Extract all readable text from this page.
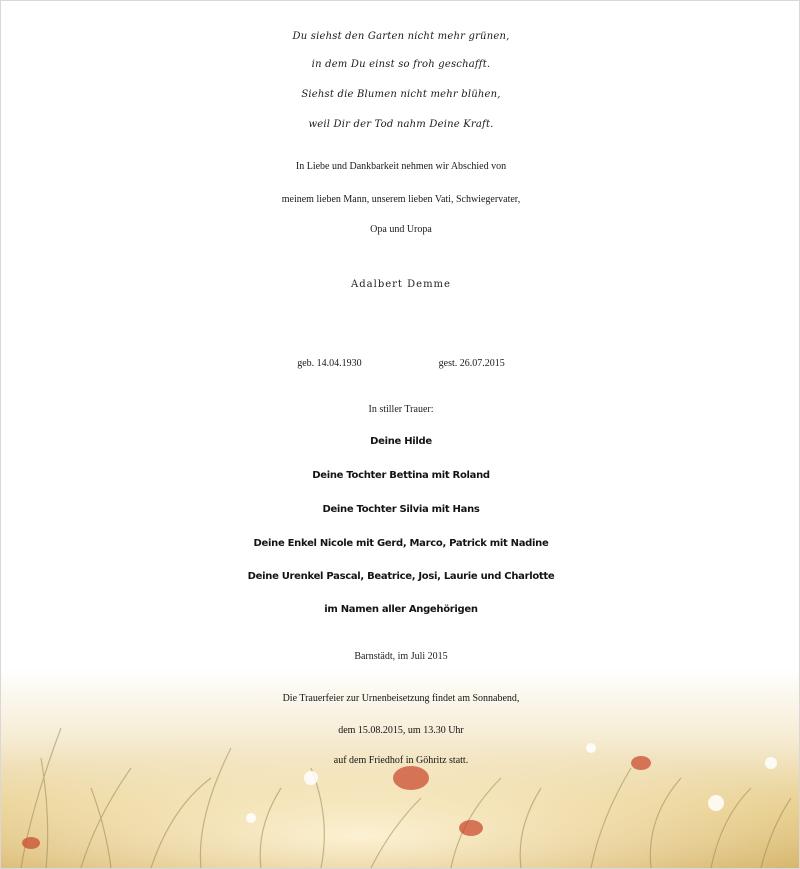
Du siehst den Garten nicht mehr grünen,
in dem Du einst so froh geschafft.
Siehst die Blumen nicht mehr blühen,
weil Dir der Tod nahm Deine Kraft.
In Liebe und Dankbarkeit nehmen wir Abschied von
meinem lieben Mann, unserem lieben Vati, Schwiegervater,
Opa und Uropa
Adalbert Demme
geb. 14.04.1930	gest. 26.07.2015
In stiller Trauer:
Deine Hilde
Deine Tochter Bettina mit Roland
Deine Tochter Silvia mit Hans
Deine Enkel Nicole mit Gerd, Marco, Patrick mit Nadine
Deine Urenkel Pascal, Beatrice, Josi, Laurie und Charlotte
im Namen aller Angehörigen
Barnstädt, im Juli 2015
Die Trauerfeier zur Urnenbeisetzung findet am Sonnabend,
dem 15.08.2015, um 13.30 Uhr
auf dem Friedhof in Göhritz statt.
